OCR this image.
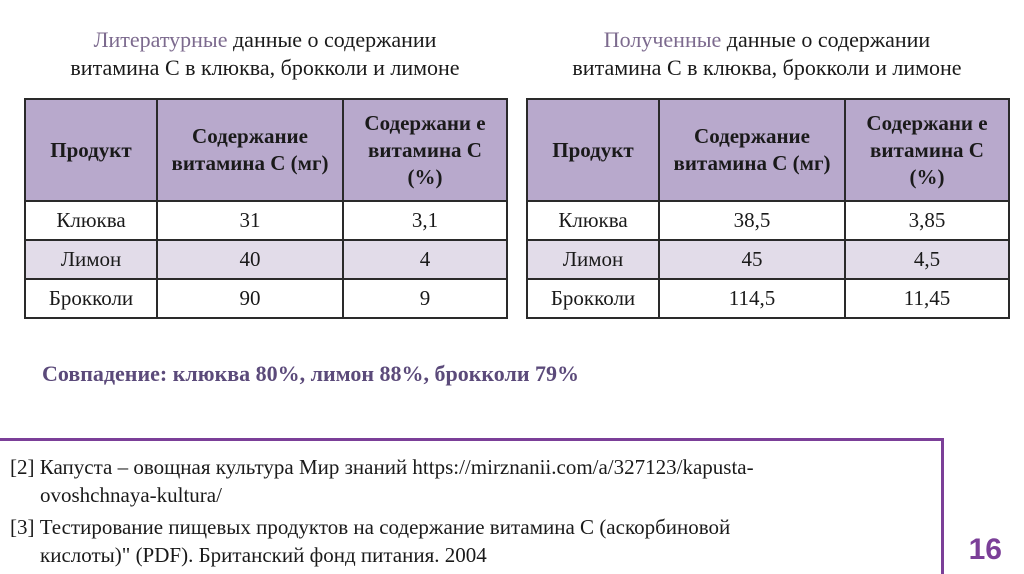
Литературные данные о содержании
витамина С в клюква, брокколи и лимоне
Продукт	Содержание витамина С (мг)	Содержани е витамина С (%)
Клюква	31	3,1
Лимон	40	4
Брокколи	90	9
Полученные данные о содержании
витамина С в клюква, брокколи и лимоне
Продукт	Содержание витамина С (мг)	Содержани е витамина С (%)
Клюква	38,5	3,85
Лимон	45	4,5
Брокколи	114,5	11,45
Совпадение: клюква 80%, лимон 88%, брокколи 79%
[2] Капуста – овощная культура Мир знаний https://mirznanii.com/a/327123/kapusta-
ovoshchnaya-kultura/
[3] Тестирование пищевых продуктов на содержание витамина С (аскорбиновой
кислоты)" (PDF). Британский фонд питания. 2004	16
